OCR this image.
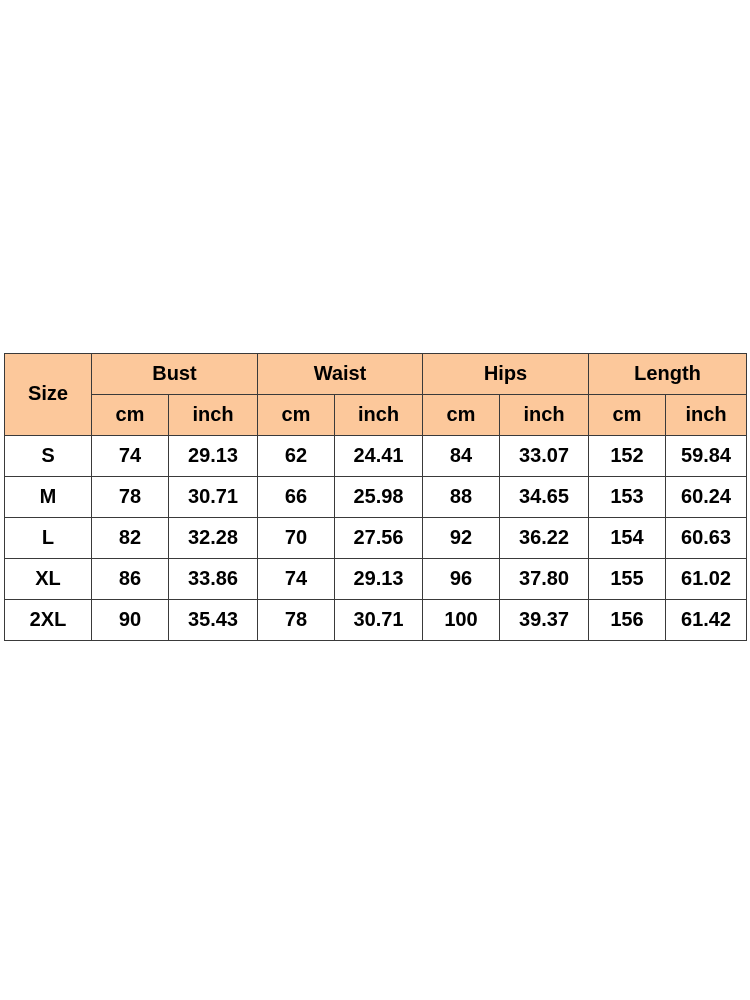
Size	Bust		Waist		Hips		Length	
	cm	inch	cm	inch	cm	inch	cm	inch
S	74	29.13	62	24.41	84	33.07	152	59.84
M	78	30.71	66	25.98	88	34.65	153	60.24
L	82	32.28	70	27.56	92	36.22	154	60.63
XL	86	33.86	74	29.13	96	37.80	155	61.02
2XL	90	35.43	78	30.71	100	39.37	156	61.42
